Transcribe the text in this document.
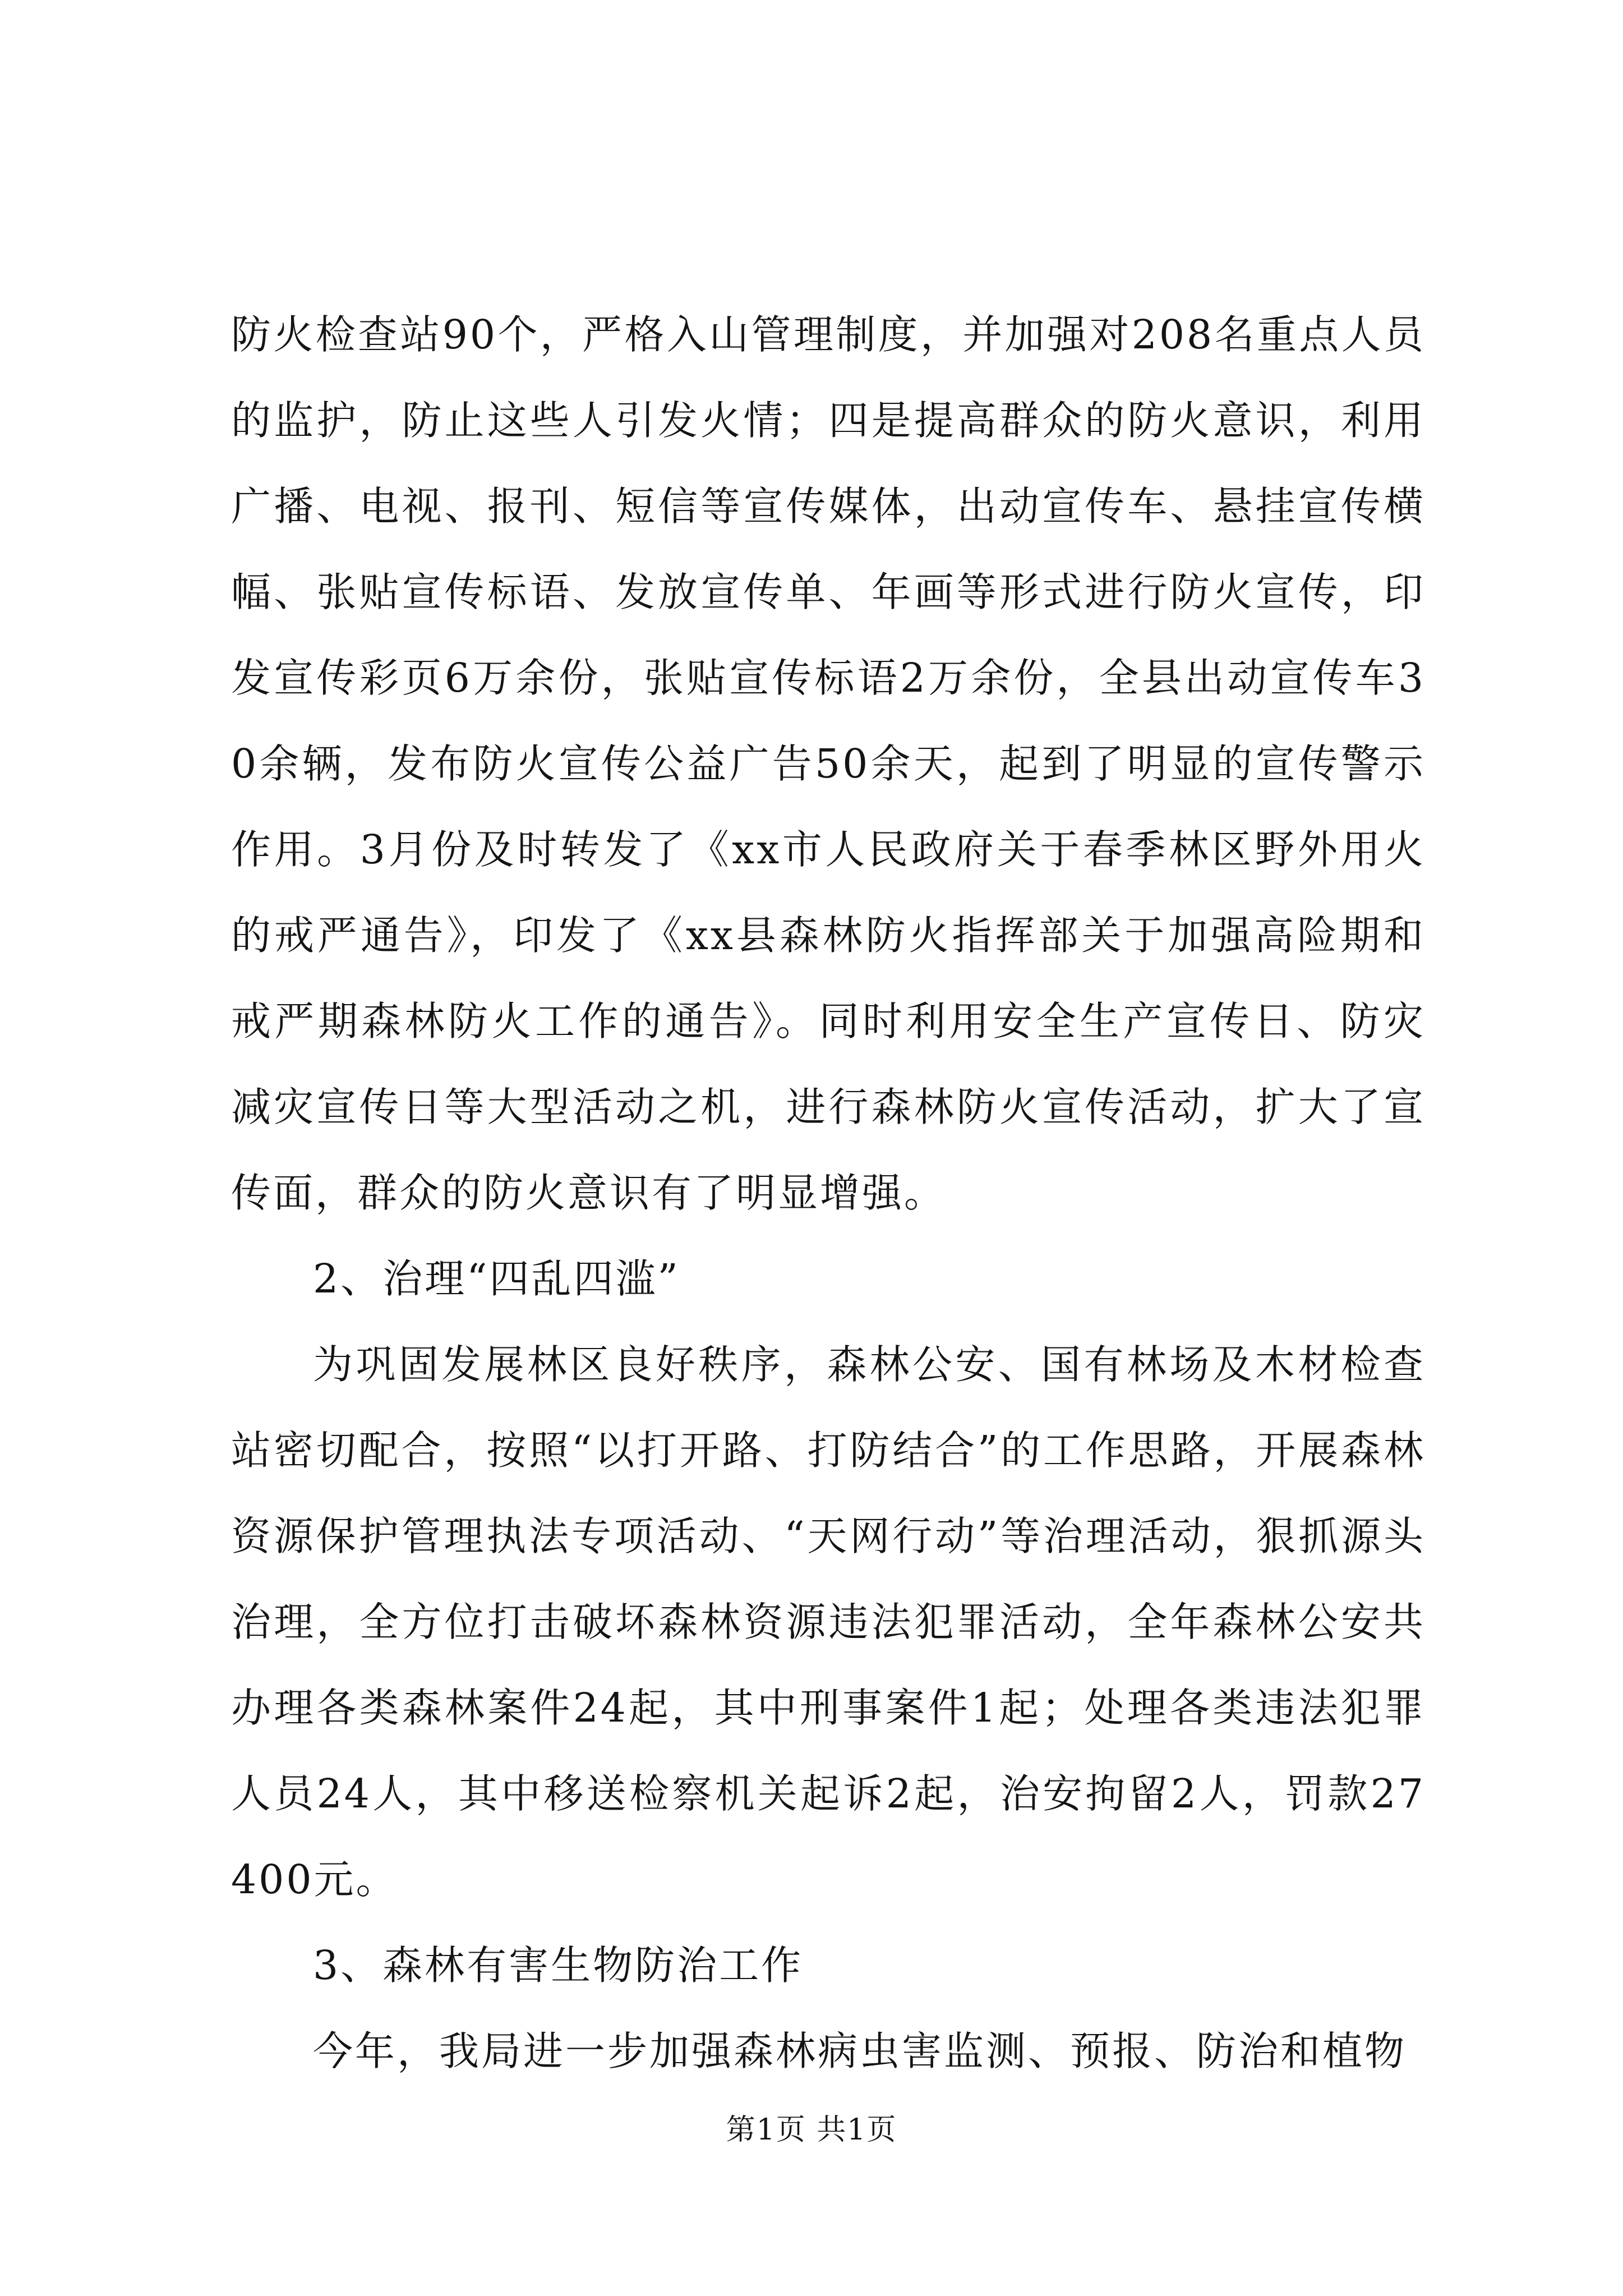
防火检查站90个，严格入山管理制度，并加强对208名重点人员的监护，防止这些人引发火情；四是提高群众的防火意识，利用广播、电视、报刊、短信等宣传媒体，出动宣传车、悬挂宣传横幅、张贴宣传标语、发放宣传单、年画等形式进行防火宣传，印发宣传彩页6万余份，张贴宣传标语2万余份，全县出动宣传车30余辆，发布防火宣传公益广告50余天，起到了明显的宣传警示作用。3月份及时转发了《xx市人民政府关于春季林区野外用火的戒严通告》，印发了《xx县森林防火指挥部关于加强高险期和戒严期森林防火工作的通告》。同时利用安全生产宣传日、防灾减灾宣传日等大型活动之机，进行森林防火宣传活动，扩大了宣传面，群众的防火意识有了明显增强。

2、治理“四乱四滥”

为巩固发展林区良好秩序，森林公安、国有林场及木材检查站密切配合，按照“以打开路、打防结合”的工作思路，开展森林资源保护管理执法专项活动、“天网行动”等治理活动，狠抓源头治理，全方位打击破坏森林资源违法犯罪活动，全年森林公安共办理各类森林案件24起，其中刑事案件1起；处理各类违法犯罪人员24人，其中移送检察机关起诉2起，治安拘留2人，罚款27400元。

3、森林有害生物防治工作

今年，我局进一步加强森林病虫害监测、预报、防治和植物

第1页 共1页
